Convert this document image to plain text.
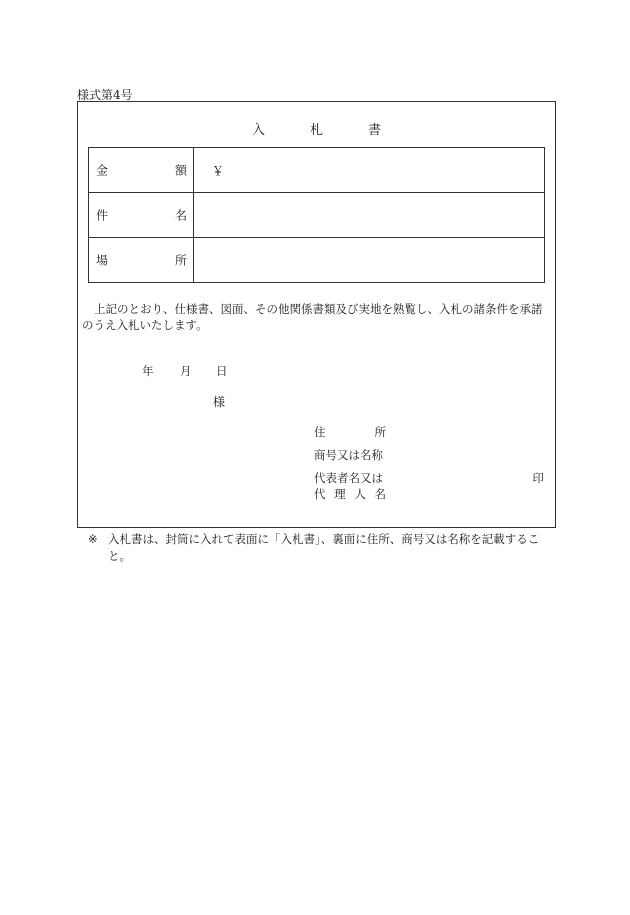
様式第4号
入	札	書
金 額	￥

件 名	

場 所	

上記のとおり、仕様書、図面、その他関係書類及び実地を熟覧し、入札の諸条件を承諾のうえ入札いたします。
年 月 日
様
住	所
商号又は名称
代表者名又は	印
代 理 人 名
※ 入札書は、封筒に入れて表面に「入札書」、裏面に住所、商号又は名称を記載すること。
